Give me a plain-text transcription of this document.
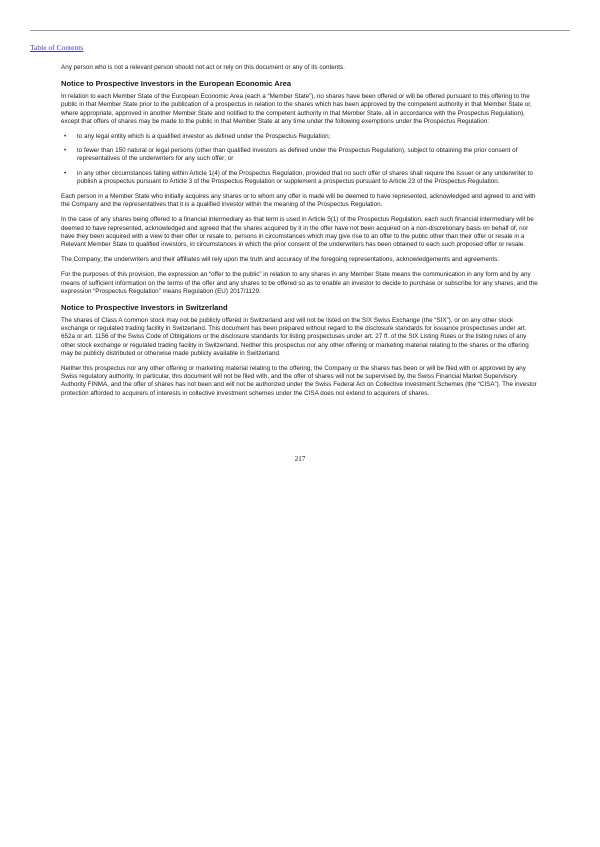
Table of Contents

Any person who is not a relevant person should not act or rely on this document or any of its contents.

Notice to Prospective Investors in the European Economic Area

In relation to each Member State of the European Economic Area (each a “Member State”), no shares have been offered or will be offered pursuant to this offering to the public in that Member State prior to the publication of a prospectus in relation to the shares which has been approved by the competent authority in that Member State or, where appropriate, approved in another Member State and notified to the competent authority in that Member State, all in accordance with the Prospectus Regulation), except that offers of shares may be made to the public in that Member State at any time under the following exemptions under the Prospectus Regulation:

• to any legal entity which is a qualified investor as defined under the Prospectus Regulation;
• to fewer than 150 natural or legal persons (other than qualified investors as defined under the Prospectus Regulation), subject to obtaining the prior consent of representatives of the underwriters for any such offer; or
• in any other circumstances falling within Article 1(4) of the Prospectus Regulation, provided that no such offer of shares shall require the Issuer or any underwriter to publish a prospectus pursuant to Article 3 of the Prospectus Regulation or supplement a prospectus pursuant to Article 23 of the Prospectus Regulation.

Each person in a Member State who initially acquires any shares or to whom any offer is made will be deemed to have represented, acknowledged and agreed to and with the Company and the representatives that it is a qualified investor within the meaning of the Prospectus Regulation.

In the case of any shares being offered to a financial intermediary as that term is used in Article 5(1) of the Prospectus Regulation, each such financial intermediary will be deemed to have represented, acknowledged and agreed that the shares acquired by it in the offer have not been acquired on a non-discretionary basis on behalf of, nor have they been acquired with a view to their offer or resale to, persons in circumstances which may give rise to an offer to the public other than their offer or resale in a Relevant Member State to qualified investors, in circumstances in which the prior consent of the underwriters has been obtained to each such proposed offer or resale.

The Company, the underwriters and their affiliates will rely upon the truth and accuracy of the foregoing representations, acknowledgements and agreements.

For the purposes of this provision, the expression an “offer to the public” in relation to any shares in any Member State means the communication in any form and by any means of sufficient information on the terms of the offer and any shares to be offered so as to enable an investor to decide to purchase or subscribe for any shares, and the expression “Prospectus Regulation” means Regulation (EU) 2017/1129.

Notice to Prospective Investors in Switzerland

The shares of Class A common stock may not be publicly offered in Switzerland and will not be listed on the SIX Swiss Exchange (the “SIX”), or on any other stock exchange or regulated trading facility in Switzerland. This document has been prepared without regard to the disclosure standards for issuance prospectuses under art. 652a or art. 1156 of the Swiss Code of Obligations or the disclosure standards for listing prospectuses under art. 27 ff. of the SIX Listing Rules or the listing rules of any other stock exchange or regulated trading facility in Switzerland. Neither this prospectus nor any other offering or marketing material relating to the shares or the offering may be publicly distributed or otherwise made publicly available in Switzerland.

Neither this prospectus nor any other offering or marketing material relating to the offering, the Company or the shares has been or will be filed with or approved by any Swiss regulatory authority. In particular, this document will not be filed with, and the offer of shares will not be supervised by, the Swiss Financial Market Supervisory Authority FINMA, and the offer of shares has not been and will not be authorized under the Swiss Federal Act on Collective Investment Schemes (the “CISA”). The investor protection afforded to acquirers of interests in collective investment schemes under the CISA does not extend to acquirers of shares.

217
